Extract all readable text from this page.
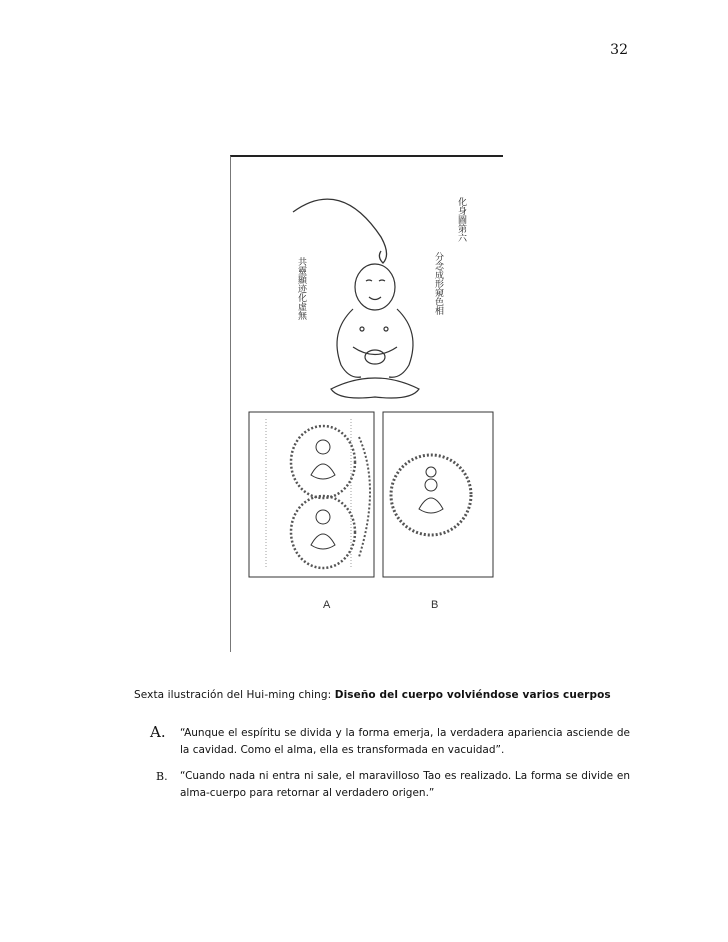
32
化身圖第六
分念成形窺色相
共靈顯迹化虛無
A	B
Sexta ilustración del Hui-ming ching: Diseño del cuerpo volviéndose varios cuerpos
A. “Aunque el espíritu se divida y la forma emerja, la verdadera apariencia asciende de la cavidad. Como el alma, ella es transformada en vacuidad”.
B. “Cuando nada ni entra ni sale, el maravilloso Tao es realizado. La forma se divide en alma-cuerpo para retornar al verdadero origen.”
